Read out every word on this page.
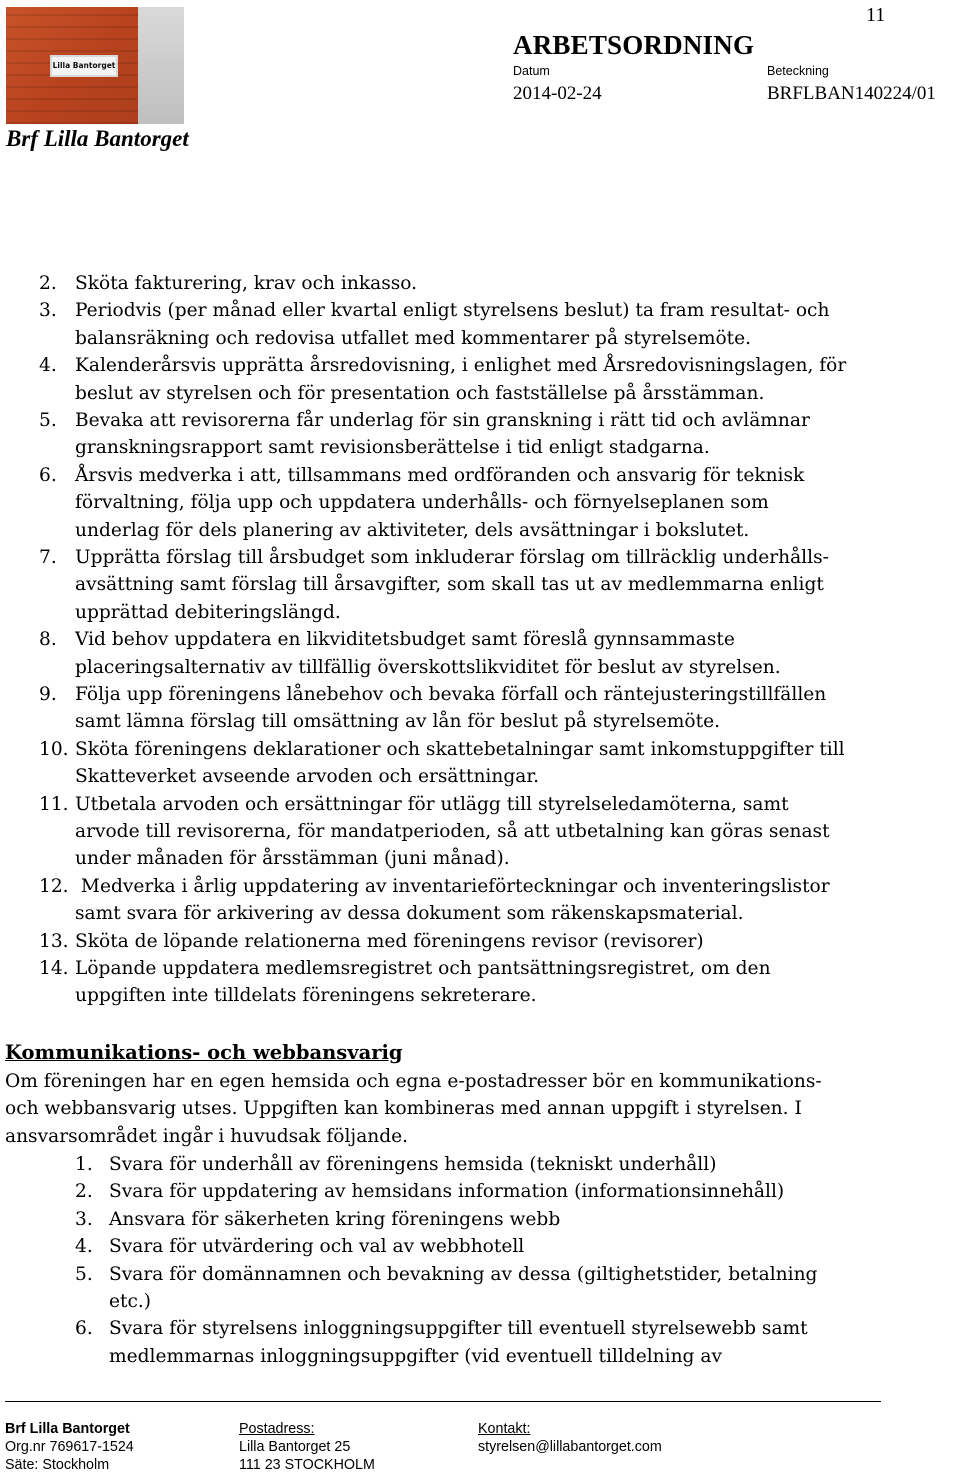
Lilla Bantorget
Brf Lilla Bantorget
11
ARBETSORDNING
Datum	Beteckning
2014-02-24	BRFLBAN140224/01
2. Sköta fakturering, krav och inkasso.
3. Periodvis (per månad eller kvartal enligt styrelsens beslut) ta fram resultat- och
balansräkning och redovisa utfallet med kommentarer på styrelsemöte.
4. Kalenderårsvis upprätta årsredovisning, i enlighet med Årsredovisningslagen, för
beslut av styrelsen och för presentation och fastställelse på årsstämman.
5. Bevaka att revisorerna får underlag för sin granskning i rätt tid och avlämnar
granskningsrapport samt revisionsberättelse i tid enligt stadgarna.
6. Årsvis medverka i att, tillsammans med ordföranden och ansvarig för teknisk
förvaltning, följa upp och uppdatera underhålls- och förnyelseplanen som
underlag för dels planering av aktiviteter, dels avsättningar i bokslutet.
7. Upprätta förslag till årsbudget som inkluderar förslag om tillräcklig underhålls-
avsättning samt förslag till årsavgifter, som skall tas ut av medlemmarna enligt
upprättad debiteringslängd.
8. Vid behov uppdatera en likviditetsbudget samt föreslå gynnsammaste
placeringsalternativ av tillfällig överskottslikviditet för beslut av styrelsen.
9. Följa upp föreningens lånebehov och bevaka förfall och räntejusteringstillfällen
samt lämna förslag till omsättning av lån för beslut på styrelsemöte.
10. Sköta föreningens deklarationer och skattebetalningar samt inkomstuppgifter till
Skatteverket avseende arvoden och ersättningar.
11. Utbetala arvoden och ersättningar för utlägg till styrelseledamöterna, samt
arvode till revisorerna, för mandatperioden, så att utbetalning kan göras senast
under månaden för årsstämman (juni månad).
12. Medverka i årlig uppdatering av inventarieförteckningar och inventeringslistor
samt svara för arkivering av dessa dokument som räkenskapsmaterial.
13. Sköta de löpande relationerna med föreningens revisor (revisorer)
14. Löpande uppdatera medlemsregistret och pantsättningsregistret, om den
uppgiften inte tilldelats föreningens sekreterare.
Kommunikations- och webbansvarig
Om föreningen har en egen hemsida och egna e-postadresser bör en kommunikations-
och webbansvarig utses. Uppgiften kan kombineras med annan uppgift i styrelsen. I
ansvarsområdet ingår i huvudsak följande.
1. Svara för underhåll av föreningens hemsida (tekniskt underhåll)
2. Svara för uppdatering av hemsidans information (informationsinnehåll)
3. Ansvara för säkerheten kring föreningens webb
4. Svara för utvärdering och val av webbhotell
5. Svara för domännamnen och bevakning av dessa (giltighetstider, betalning
etc.)
6. Svara för styrelsens inloggningsuppgifter till eventuell styrelsewebb samt
medlemmarnas inloggningsuppgifter (vid eventuell tilldelning av
Brf Lilla Bantorget
Org.nr 769617-1524
Säte: Stockholm
Postadress:
Lilla Bantorget 25
111 23 STOCKHOLM
Kontakt:
styrelsen@lillabantorget.com
